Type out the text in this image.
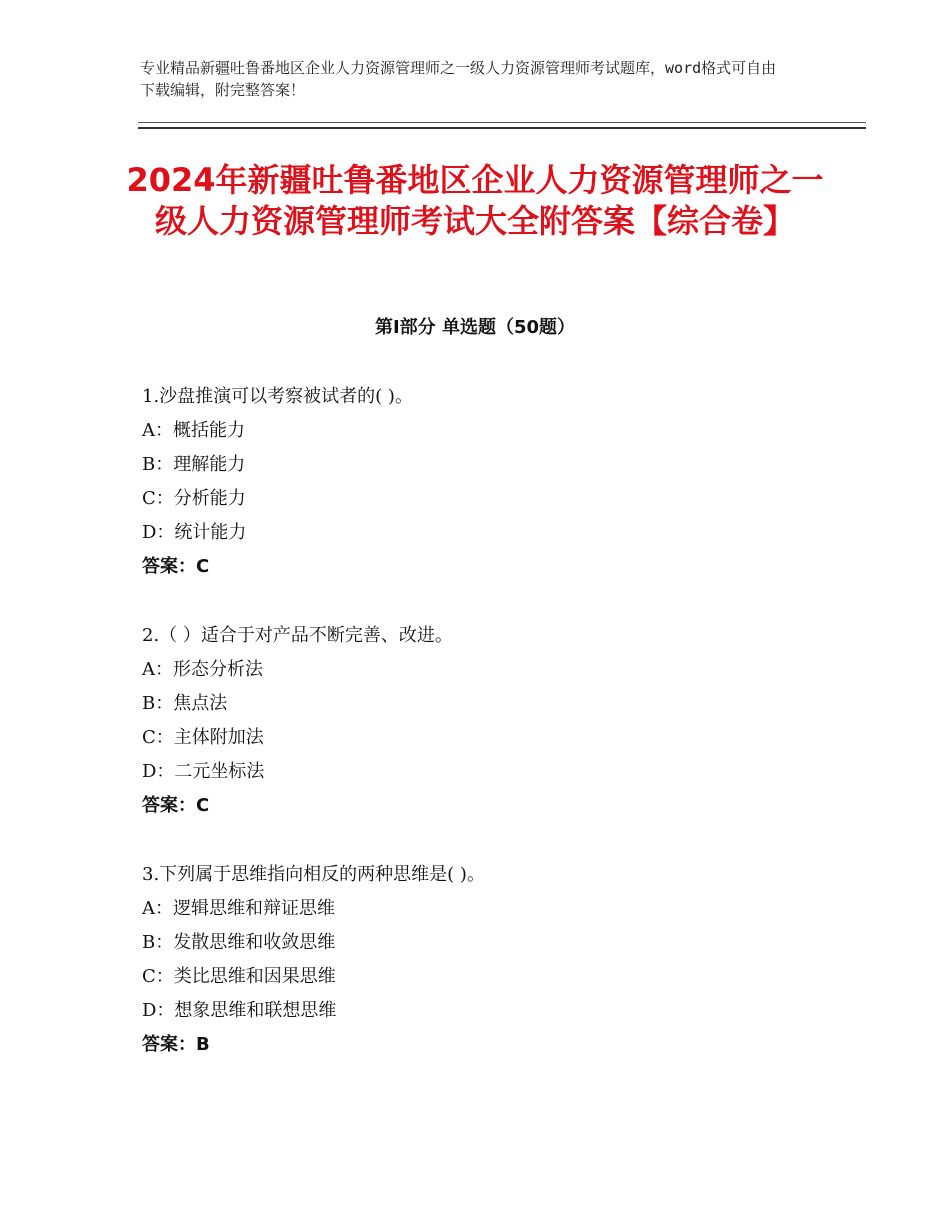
专业精品新疆吐鲁番地区企业人力资源管理师之一级人力资源管理师考试题库，word格式可自由下载编辑，附完整答案！
2024年新疆吐鲁番地区企业人力资源管理师之一级人力资源管理师考试大全附答案【综合卷】
第Ⅰ部分 单选题（50题）
1.沙盘推演可以考察被试者的( )。
A：概括能力
B：理解能力
C：分析能力
D：统计能力
答案：C
2.（ ）适合于对产品不断完善、改进。
A：形态分析法
B：焦点法
C：主体附加法
D：二元坐标法
答案：C
3.下列属于思维指向相反的两种思维是( )。
A：逻辑思维和辩证思维
B：发散思维和收敛思维
C：类比思维和因果思维
D：想象思维和联想思维
答案：B
